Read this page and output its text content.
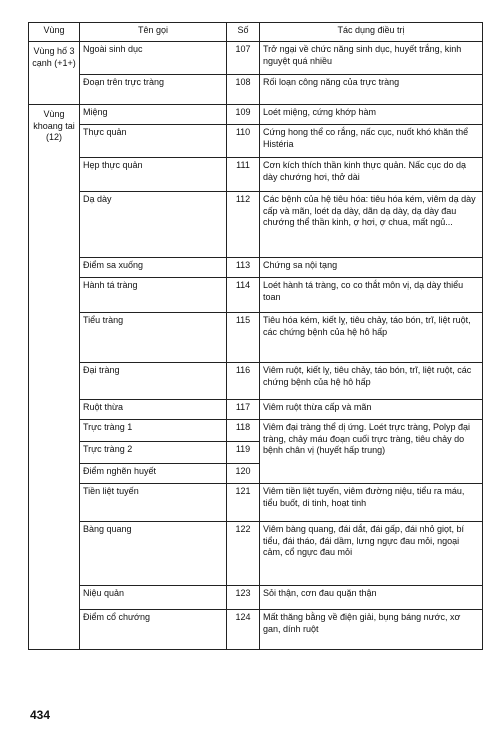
Vùng	Tên gọi	Số	Tác dụng điều trị
Vùng hố 3 cạnh (+1+)	Ngoài sinh dục	107	Trở ngại về chức năng sinh dục, huyết trắng, kinh nguyệt quá nhiều
	Đoạn trên trực tràng	108	Rối loạn công năng của trực tràng
Vùng khoang tai (12)	Miệng	109	Loét miệng, cứng khớp hàm
	Thực quản	110	Cứng hong thể co rắng, nấc cục, nuốt khó khăn thể Histéria
	Hẹp thực quản	111	Cơn kích thích thần kinh thực quản. Nấc cục do dạ dày chướng hơi, thở dài
	Dạ dày	112	Các bệnh của hệ tiêu hóa: tiêu hóa kém, viêm dạ dày cấp và mãn, loét dạ dày, dãn dạ dày, dạ dày đau chướng thể thần kinh, ợ hơi, ợ chua, mất ngủ...
	Điểm sa xuống	113	Chứng sa nội tạng
	Hành tá tràng	114	Loét hành tá tràng, co co thắt môn vị, dạ dày thiểu toan
	Tiểu tràng	115	Tiêu hóa kém, kiết lỵ, tiêu chảy, táo bón, trĩ, liệt ruột, các chứng bệnh của hệ hô hấp
	Đại tràng	116	Viêm ruột, kiết lỵ, tiêu chảy, táo bón, trĩ, liệt ruột, các chứng bệnh của hệ hô hấp
	Ruột thừa	117	Viêm ruột thừa cấp và mãn
	Trực tràng 1	118	Viêm đại tràng thể dị ứng. Loét trực tràng, Polyp đại tràng, chảy máu đoạn cuối trực tràng, tiêu chảy do bệnh chân vị (huyết hấp trung)
	Trực tràng 2	119	
	Điểm nghẽn huyết	120	
	Tiền liệt tuyến	121	Viêm tiền liệt tuyến, viêm đường niệu, tiểu ra máu, tiểu buốt, di tinh, hoạt tinh
	Bàng quang	122	Viêm bàng quang, đái dắt, đái gấp, đái nhỏ giọt, bí tiểu, đái tháo, đái dầm, lưng ngực đau mỏi, ngoại cảm, cổ ngực đau mỏi
	Niệu quản	123	Sỏi thận, cơn đau quặn thận
	Điểm cổ chướng	124	Mất thăng bằng về điện giải, bụng báng nước, xơ gan, dính ruột
434
